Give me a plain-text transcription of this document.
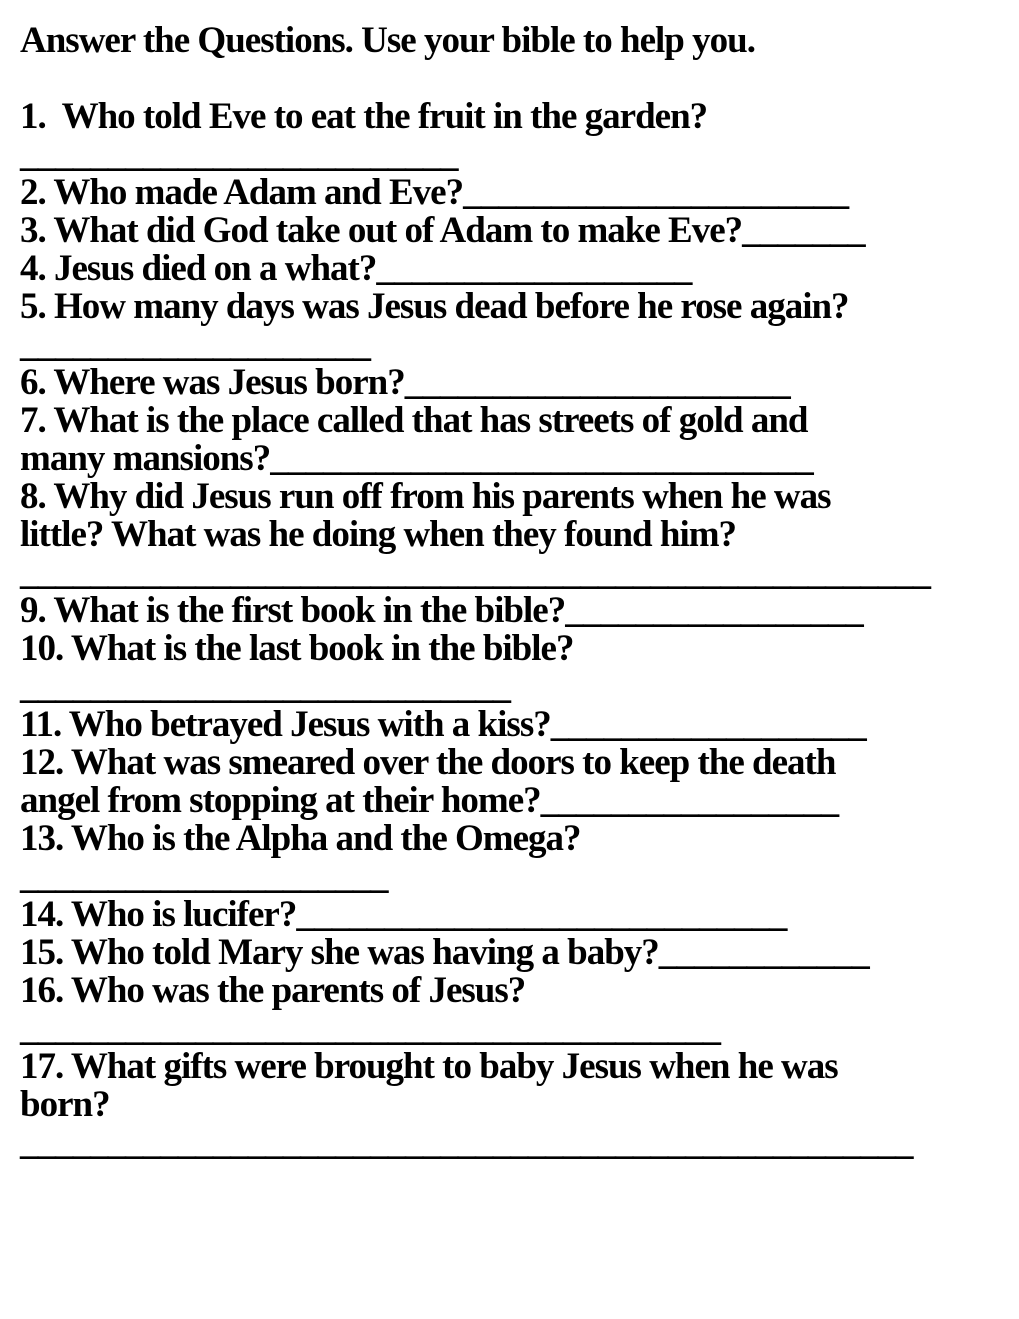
Answer the Questions. Use your bible to help you.
1.  Who told Eve to eat the fruit in the garden?
_________________________
2. Who made Adam and Eve?______________________
3. What did God take out of Adam to make Eve?_______
4. Jesus died on a what?__________________
5. How many days was Jesus dead before he rose again?
____________________
6. Where was Jesus born?______________________
7. What is the place called that has streets of gold and
many mansions?_______________________________
8. Why did Jesus run off from his parents when he was
little? What was he doing when they found him?
____________________________________________________
9. What is the first book in the bible?_________________
10. What is the last book in the bible?
____________________________
11. Who betrayed Jesus with a kiss?__________________
12. What was smeared over the doors to keep the death
angel from stopping at their home?_________________
13. Who is the Alpha and the Omega?
_____________________
14. Who is lucifer?____________________________
15. Who told Mary she was having a baby?____________
16. Who was the parents of Jesus?
________________________________________
17. What gifts were brought to baby Jesus when he was
born?
___________________________________________________
